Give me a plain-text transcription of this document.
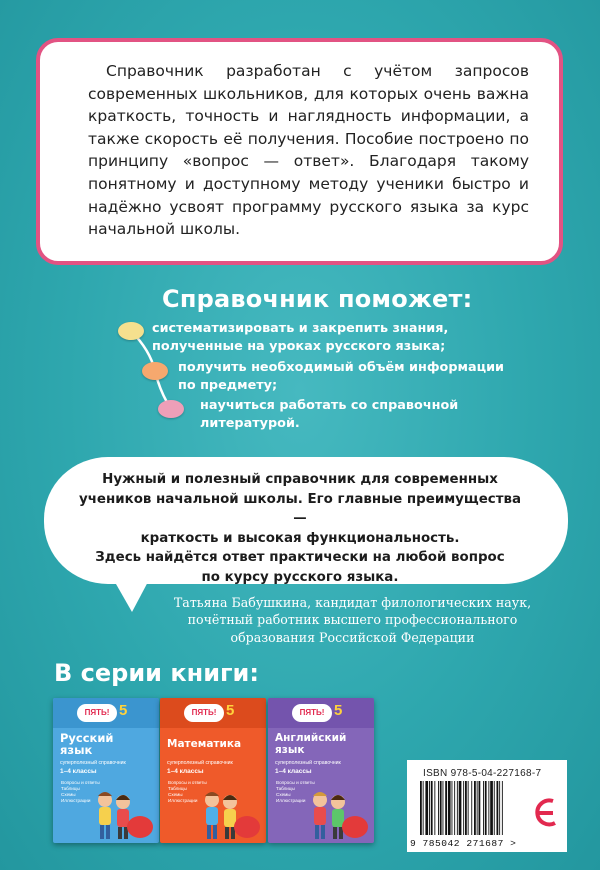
Справочник разработан с учётом запросов современных школьников, для которых очень важна краткость, точность и наглядность информации, а также скорость её получения. Пособие построено по принципу «вопрос — ответ». Благодаря такому понятному и доступному методу ученики быстро и надёжно усвоят программу русского языка за курс начальной школы.

Справочник поможет:
систематизировать и закрепить знания,
полученные на уроках русского языка;
получить необходимый объём информации
по предмету;
научиться работать со справочной
литературой.
Нужный и полезный справочник для современных
учеников начальной школы. Его главные преимущества —
краткость и высокая функциональность.
Здесь найдётся ответ практически на любой вопрос
по курсу русского языка.
Татьяна Бабушкина, кандидат филологических наук,
почётный работник высшего профессионального
образования Российской Федерации
В серии книги:
ПЯТЬ! 5
Русский
язык
суперполезный справочник
1–4 классы
Вопросы и ответы
Таблицы
Схемы
Иллюстрации
ПЯТЬ! 5
Математика
суперполезный справочник
1–4 классы
Вопросы и ответы
Таблицы
Схемы
Иллюстрации
ПЯТЬ! 5
Английский
язык
суперполезный справочник
1–4 классы
Вопросы и ответы
Таблицы
Схемы
Иллюстрации
ISBN 978-5-04-227168-7
9 785042 271687 >
